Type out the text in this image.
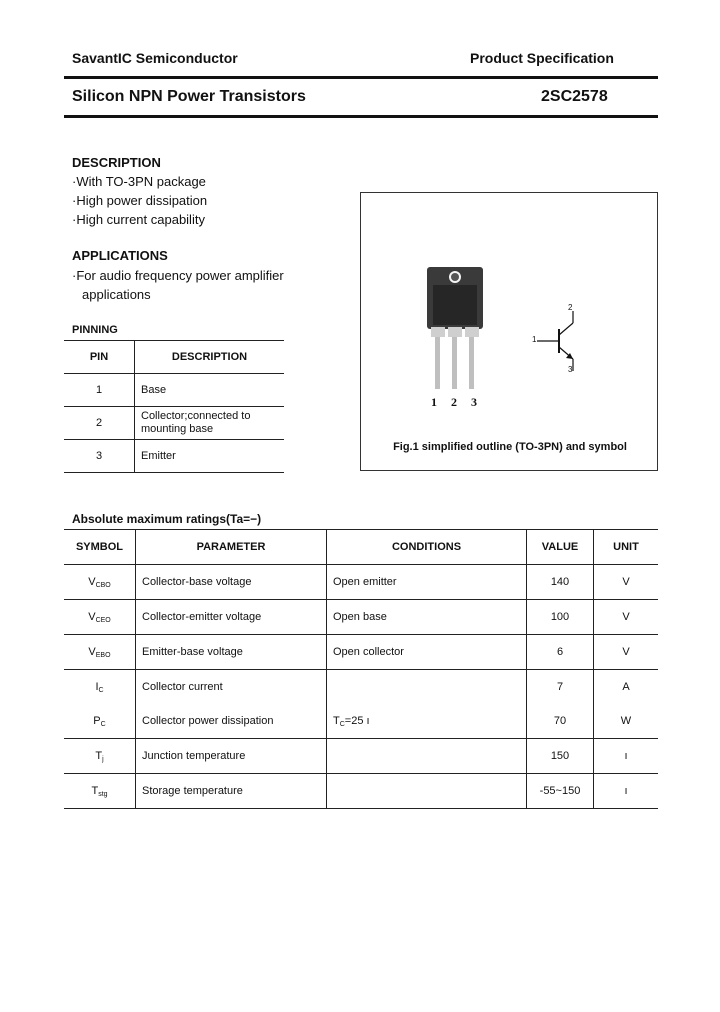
SavantIC Semiconductor	Product Specification
Silicon NPN Power Transistors	2SC2578
DESCRIPTION
·With TO-3PN package
·High power dissipation
·High current capability
APPLICATIONS
·For audio frequency power amplifier
applications
PINNING
PIN	DESCRIPTION
1	Base
2	Collector;connected to mounting base
3	Emitter
1 2 3
2
1
3
Fig.1 simplified outline (TO-3PN) and symbol
Absolute maximum ratings(Ta=−)
SYMBOL	PARAMETER	CONDITIONS	VALUE	UNIT
$V_{CBO}$	Collector-base voltage	Open emitter	140	V
$V_{CEO}$	Collector-emitter voltage	Open base	100	V
$V_{EBO}$	Emitter-base voltage	Open collector	6	V
$I_C$	Collector current		7	A
$P_C$	Collector power dissipation	$T_C=25$ ı	70	W
$T_j$	Junction temperature		150	ı
$T_{stg}$	Storage temperature		-55~150	ı
